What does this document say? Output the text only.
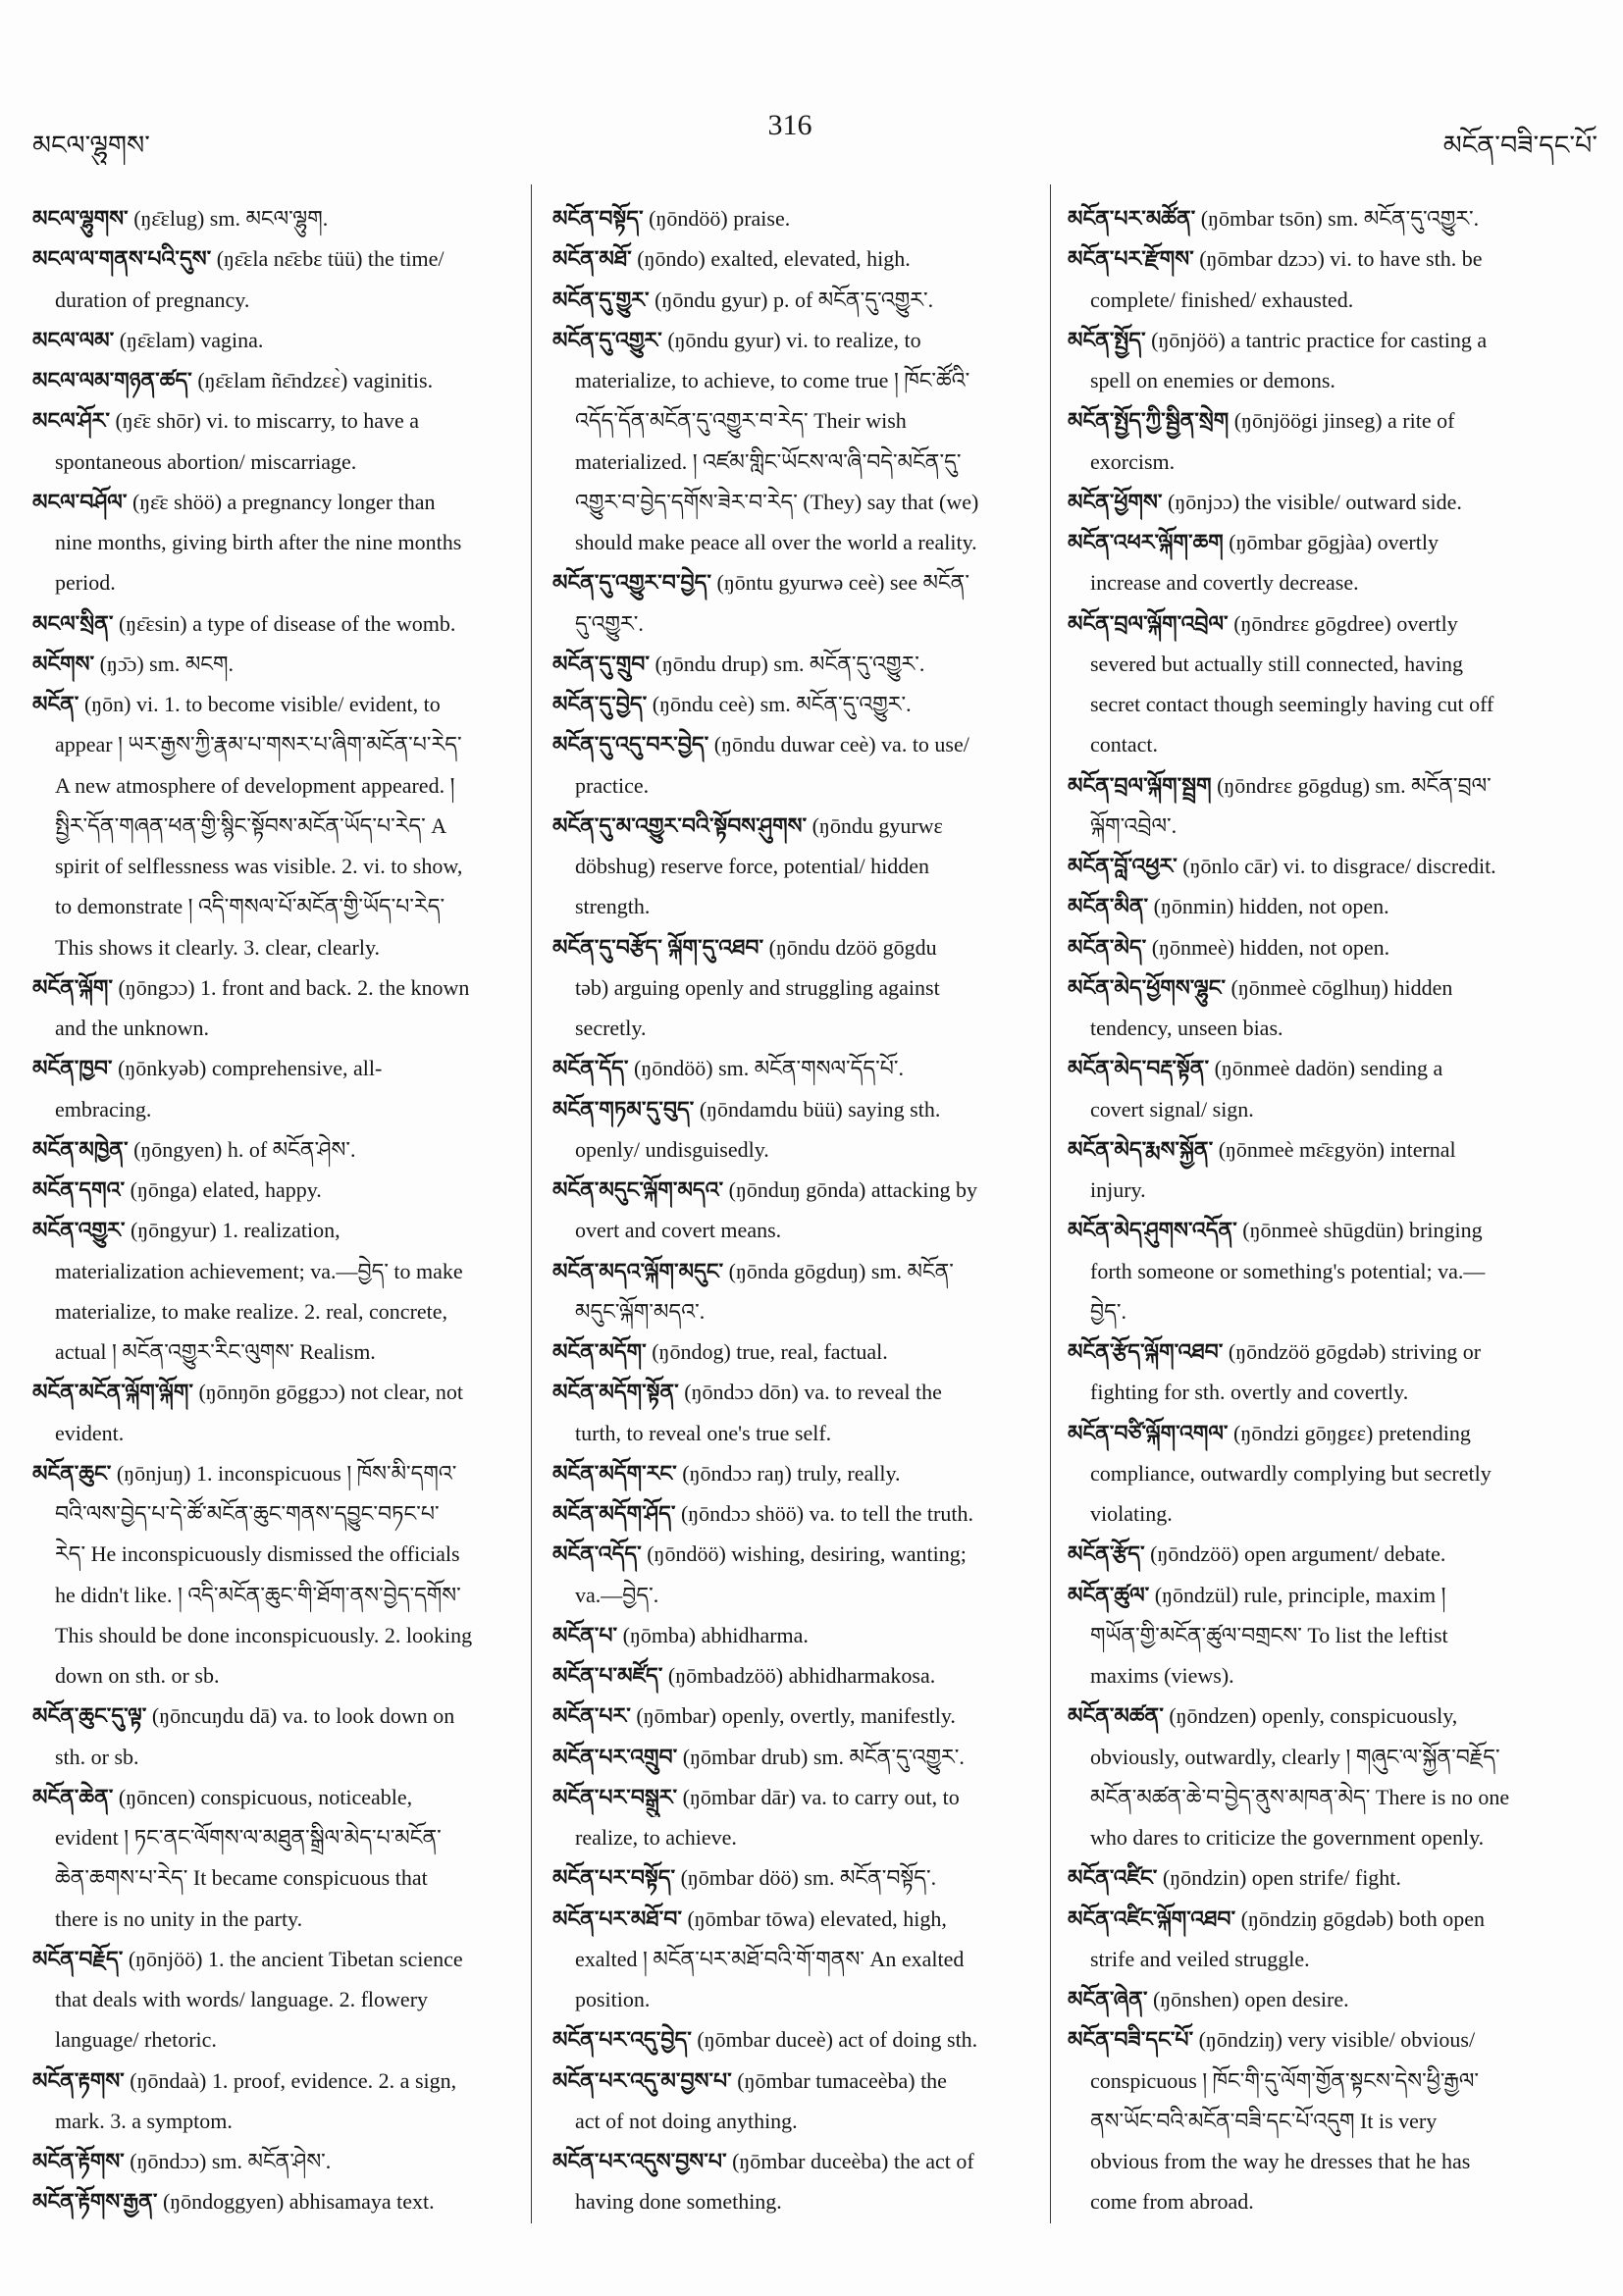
མངལ་ལྷུགས་
316
མངོན་བཟི་དང་པོ་
མངལ་ལྷུགས་ (ŋɛ̄ɛlug) sm. མངལ་ལྷུག.
མངལ་ལ་གནས་པའི་དུས་ (ŋɛ̄ɛla nɛ̄ɛbɛ tüü) the time/
duration of pregnancy.
མངལ་ལམ་ (ŋɛ̄ɛlam) vagina.
མངལ་ལམ་གཉན་ཚད་ (ŋɛ̄ɛlam ñɛ̄ndzɛɛ̀) vaginitis.
མངལ་ཤོར་ (ŋɛ̄ɛ shōr) vi. to miscarry, to have a
spontaneous abortion/ miscarriage.
མངལ་བཤོལ་ (ŋɛ̄ɛ shöö) a pregnancy longer than
nine months, giving birth after the nine months
period.
མངལ་སྲིན་ (ŋɛ̄ɛsin) a type of disease of the womb.
མངོགས་ (ŋɔ̄ɔ) sm. མངག.
མངོན་ (ŋōn) vi. 1. to become visible/ evident, to
appear ། ཡར་རྒྱས་ཀྱི་རྣམ་པ་གསར་པ་ཞིག་མངོན་པ་རེད་
A new atmosphere of development appeared. །
སྤྱིར་དོན་གཞན་ཕན་གྱི་སྙིང་སྟོབས་མངོན་ཡོད་པ་རེད་ A
spirit of selflessness was visible. 2. vi. to show,
to demonstrate ། འདི་གསལ་པོ་མངོན་གྱི་ཡོད་པ་རེད་
This shows it clearly. 3. clear, clearly.
མངོན་ལྐོག་ (ŋōngɔɔ) 1. front and back. 2. the known
and the unknown.
མངོན་ཁྱབ་ (ŋōnkyəb) comprehensive, all-
embracing.
མངོན་མཁྱེན་ (ŋōngyen) h. of མངོན་ཤེས་.
མངོན་དགའ་ (ŋōnga) elated, happy.
མངོན་འགྱུར་ (ŋōngyur) 1. realization,
materialization achievement; va.—བྱེད་ to make
materialize, to make realize. 2. real, concrete,
actual ། མངོན་འགྱུར་རིང་ལུགས་ Realism.
མངོན་མངོན་ལྐོག་ལྐོག་ (ŋōnŋōn gōggɔɔ) not clear, not
evident.
མངོན་ཆུང་ (ŋōnjuŋ) 1. inconspicuous ། ཁོས་མི་དགའ་
བའི་ལས་བྱེད་པ་དེ་ཚོ་མངོན་ཆུང་གནས་དབྱུང་བཏང་པ་
རེད་ He inconspicuously dismissed the officials
he didn't like. ། འདི་མངོན་ཆུང་གི་ཐོག་ནས་བྱེད་དགོས་
This should be done inconspicuously. 2. looking
down on sth. or sb.
མངོན་ཆུང་དུ་ལྟ་ (ŋōncuŋdu dā) va. to look down on
sth. or sb.
མངོན་ཆེན་ (ŋōncen) conspicuous, noticeable,
evident ། ཏང་ནང་ལོགས་ལ་མཐུན་སྒྲིལ་མེད་པ་མངོན་
ཆེན་ཆགས་པ་རེད་ It became conspicuous that
there is no unity in the party.
མངོན་བརྗོད་ (ŋōnjöö) 1. the ancient Tibetan science
that deals with words/ language. 2. flowery
language/ rhetoric.
མངོན་རྟགས་ (ŋōndaà) 1. proof, evidence. 2. a sign,
mark. 3. a symptom.
མངོན་རྟོགས་ (ŋōndɔɔ) sm. མངོན་ཤེས་.
མངོན་རྟོགས་རྒྱན་ (ŋōndoggyen) abhisamaya text.
མངོན་བསྟོད་ (ŋōndöö) praise.
མངོན་མཐོ་ (ŋōndo) exalted, elevated, high.
མངོན་དུ་གྱུར་ (ŋōndu gyur) p. of མངོན་དུ་འགྱུར་.
མངོན་དུ་འགྱུར་ (ŋōndu gyur) vi. to realize, to
materialize, to achieve, to come true ། ཁོང་ཚོའི་
འདོད་དོན་མངོན་དུ་འགྱུར་བ་རེད་ Their wish
materialized. ། འཛམ་གླིང་ཡོངས་ལ་ཞི་བདེ་མངོན་དུ་
འགྱུར་བ་བྱེད་དགོས་ཟེར་བ་རེད་ (They) say that (we)
should make peace all over the world a reality.
མངོན་དུ་འགྱུར་བ་བྱེད་ (ŋōntu gyurwə ceè) see མངོན་
དུ་འགྱུར་.
མངོན་དུ་གྲུབ་ (ŋōndu drup) sm. མངོན་དུ་འགྱུར་.
མངོན་དུ་བྱེད་ (ŋōndu ceè) sm. མངོན་དུ་འགྱུར་.
མངོན་དུ་འདུ་བར་བྱེད་ (ŋōndu duwar ceè) va. to use/
practice.
མངོན་དུ་མ་འགྱུར་བའི་སྟོབས་ཤུགས་ (ŋōndu gyurwɛ
döbshug) reserve force, potential/ hidden
strength.
མངོན་དུ་བརྩོད་ ལྐོག་དུ་འཐབ་ (ŋōndu dzöö gōgdu
təb) arguing openly and struggling against
secretly.
མངོན་དོད་ (ŋōndöö) sm. མངོན་གསལ་དོད་པོ་.
མངོན་གཏམ་དུ་བུད་ (ŋōndamdu büü) saying sth.
openly/ undisguisedly.
མངོན་མདུང་ལྐོག་མདའ་ (ŋōnduŋ gōnda) attacking by
overt and covert means.
མངོན་མདའ་ལྐོག་མདུང་ (ŋōnda gōgduŋ) sm. མངོན་
མདུང་ལྐོག་མདའ་.
མངོན་མདོག་ (ŋōndog) true, real, factual.
མངོན་མདོག་སྟོན་ (ŋōndɔɔ dōn) va. to reveal the
turth, to reveal one's true self.
མངོན་མདོག་རང་ (ŋōndɔɔ raŋ) truly, really.
མངོན་མདོག་ཤོད་ (ŋōndɔɔ shöö) va. to tell the truth.
མངོན་འདོད་ (ŋōndöö) wishing, desiring, wanting;
va.—བྱེད་.
མངོན་པ་ (ŋōmba) abhidharma.
མངོན་པ་མཛོད་ (ŋōmbadzöö) abhidharmakosa.
མངོན་པར་ (ŋōmbar) openly, overtly, manifestly.
མངོན་པར་འགྲུབ་ (ŋōmbar drub) sm. མངོན་དུ་འགྱུར་.
མངོན་པར་བསྒྲུར་ (ŋōmbar dār) va. to carry out, to
realize, to achieve.
མངོན་པར་བསྟོད་ (ŋōmbar döö) sm. མངོན་བསྟོད་.
མངོན་པར་མཐོ་བ་ (ŋōmbar tōwa) elevated, high,
exalted ། མངོན་པར་མཐོ་བའི་གོ་གནས་ An exalted
position.
མངོན་པར་འདུ་བྱེད་ (ŋōmbar duceè) act of doing sth.
མངོན་པར་འདུ་མ་བྱས་པ་ (ŋōmbar tumaceèba) the
act of not doing anything.
མངོན་པར་འདུས་བྱས་པ་ (ŋōmbar duceèba) the act of
having done something.
མངོན་པར་མཚོན་ (ŋōmbar tsōn) sm. མངོན་དུ་འགྱུར་.
མངོན་པར་རྫོགས་ (ŋōmbar dzɔɔ) vi. to have sth. be
complete/ finished/ exhausted.
མངོན་སྤྱོད་ (ŋōnjöö) a tantric practice for casting a
spell on enemies or demons.
མངོན་སྤྱོད་ཀྱི་སྦྱིན་སྲེག (ŋōnjöögi jinseg) a rite of
exorcism.
མངོན་ཕྱོགས་ (ŋōnjɔɔ) the visible/ outward side.
མངོན་འཕར་ལྐོག་ཆག (ŋōmbar gōgjàa) overtly
increase and covertly decrease.
མངོན་བྲལ་ལྐོག་འབྲེལ་ (ŋōndrɛɛ gōgdree) overtly
severed but actually still connected, having
secret contact though seemingly having cut off
contact.
མངོན་བྲལ་ལྐོག་སྦྲག (ŋōndrɛɛ gōgdug) sm. མངོན་བྲལ་
ལྐོག་འབྲེལ་.
མངོན་བློ་འཕྱར་ (ŋōnlo cār) vi. to disgrace/ discredit.
མངོན་མིན་ (ŋōnmin) hidden, not open.
མངོན་མེད་ (ŋōnmeè) hidden, not open.
མངོན་མེད་ཕྱོགས་ལྷུང་ (ŋōnmeè cōglhuŋ) hidden
tendency, unseen bias.
མངོན་མེད་བརྡ་སྟོན་ (ŋōnmeè dadön) sending a
covert signal/ sign.
མངོན་མེད་རྨས་སྐྱོན་ (ŋōnmeè mɛ̄ɛgyön) internal
injury.
མངོན་མེད་ཤུགས་འདོན་ (ŋōnmeè shūgdün) bringing
forth someone or something's potential; va.—
བྱེད་.
མངོན་རྩོད་ལྐོག་འཐབ་ (ŋōndzöö gōgdəb) striving or
fighting for sth. overtly and covertly.
མངོན་བཙི་ལྐོག་འགལ་ (ŋōndzi gōŋgɛɛ) pretending
compliance, outwardly complying but secretly
violating.
མངོན་རྩོད་ (ŋōndzöö) open argument/ debate.
མངོན་ཚུལ་ (ŋōndzül) rule, principle, maxim །
གཡོན་གྱི་མངོན་ཚུལ་བགྲངས་ To list the leftist
maxims (views).
མངོན་མཚན་ (ŋōndzen) openly, conspicuously,
obviously, outwardly, clearly ། གཞུང་ལ་སྐྱོན་བརྗོད་
མངོན་མཚན་ཆེ་བ་བྱེད་ནུས་མཁན་མེད་ There is no one
who dares to criticize the government openly.
མངོན་འཛིང་ (ŋōndzin) open strife/ fight.
མངོན་འཛིང་ལྐོག་འཐབ་ (ŋōndziŋ gōgdəb) both open
strife and veiled struggle.
མངོན་ཞེན་ (ŋōnshen) open desire.
མངོན་བཟི་དང་པོ་ (ŋōndziŋ) very visible/ obvious/
conspicuous ། ཁོང་གི་དུ་ལོག་གྱོན་སྟངས་དེས་ཕྱི་རྒྱལ་
ནས་ཡོང་བའི་མངོན་བཟི་དང་པོ་འདུག It is very
obvious from the way he dresses that he has
come from abroad.
